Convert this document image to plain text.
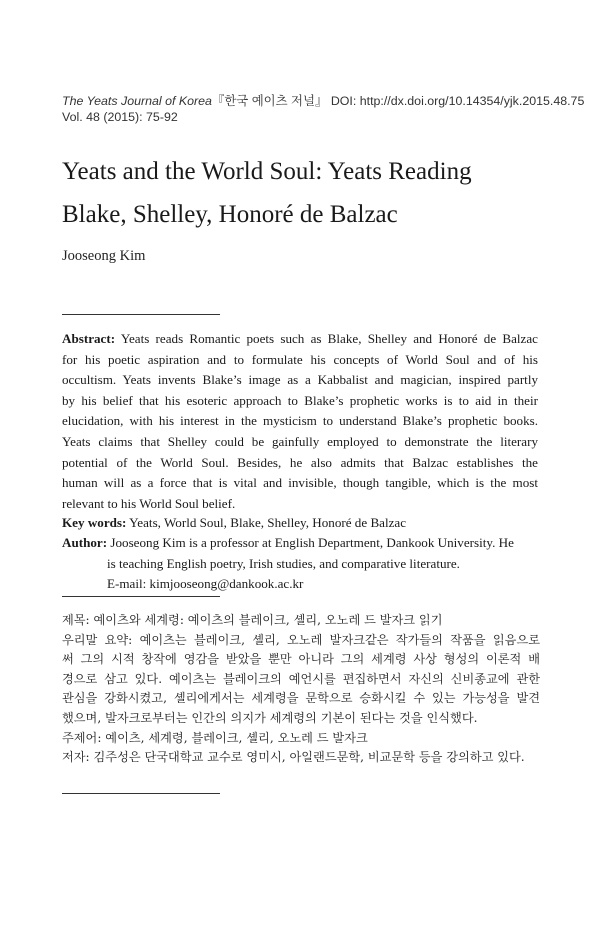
The Yeats Journal of Korea『한국 예이츠 저널』 DOI: http://dx.doi.org/10.14354/yjk.2015.48.75
Vol. 48 (2015): 75-92
Yeats and the World Soul: Yeats Reading
Blake, Shelley, Honoré de Balzac
Jooseong Kim
Abstract: Yeats reads Romantic poets such as Blake, Shelley and Honoré de Balzac
for his poetic aspiration and to formulate his concepts of World Soul and of his
occultism. Yeats invents Blake’s image as a Kabbalist and magician, inspired partly
by his belief that his esoteric approach to Blake’s prophetic works is to aid in their
elucidation, with his interest in the mysticism to understand Blake’s prophetic books.
Yeats claims that Shelley could be gainfully employed to demonstrate the literary
potential of the World Soul. Besides, he also admits that Balzac establishes the
human will as a force that is vital and invisible, though tangible, which is the most
relevant to his World Soul belief.
Key words: Yeats, World Soul, Blake, Shelley, Honoré de Balzac
Author: Jooseong Kim is a professor at English Department, Dankook University. He
is teaching English poetry, Irish studies, and comparative literature.
E-mail: kimjooseong@dankook.ac.kr
제목: 예이츠와 세계령: 예이츠의 블레이크, 셸리, 오노레 드 발자크 읽기
우리말 요약: 예이츠는 블레이크, 셸리, 오노레 발자크같은 작가들의 작품을 읽음으로
써 그의 시적 창작에 영감을 받았을 뿐만 아니라 그의 세계령 사상 형성의 이론적 배
경으로 삼고 있다. 예이츠는 블레이크의 예언시를 편집하면서 자신의 신비종교에 관한
관심을 강화시켰고, 셸리에게서는 세계령을 문학으로 승화시킬 수 있는 가능성을 발견
했으며, 발자크로부터는 인간의 의지가 세계령의 기본이 된다는 것을 인식했다.
주제어: 예이츠, 세계령, 블레이크, 셸리, 오노레 드 발자크
저자: 김주성은 단국대학교 교수로 영미시, 아일랜드문학, 비교문학 등을 강의하고 있다.
